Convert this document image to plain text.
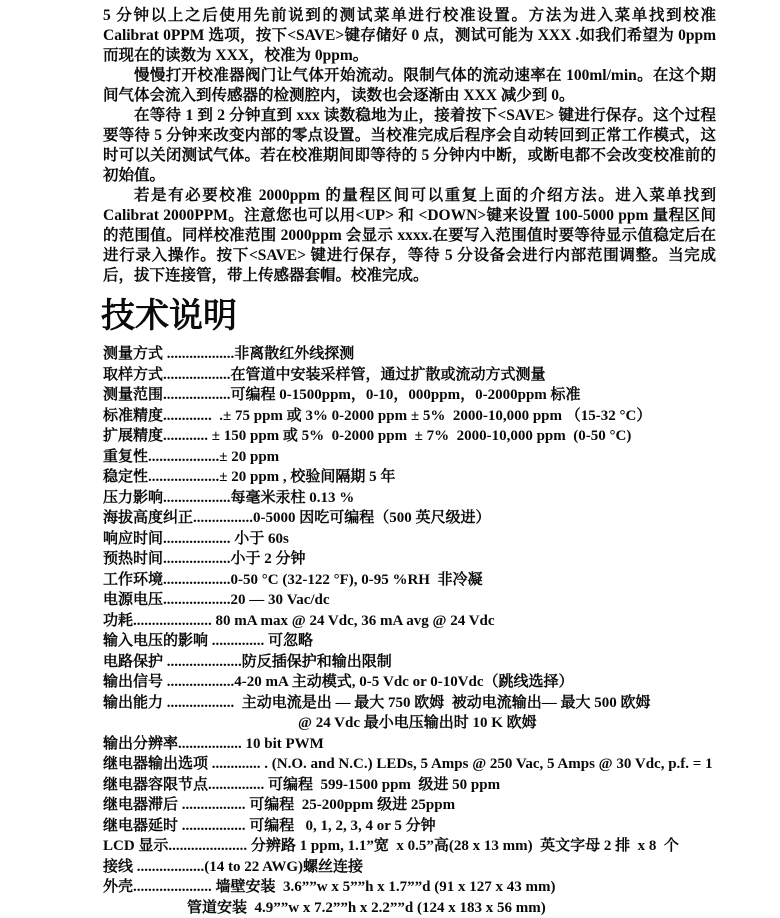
5 分钟以上之后使用先前说到的测试菜单进行校准设置。方法为进入菜单找到校准 Calibrat 0PPM 选项，按下<SAVE>键存储好 0 点，测试可能为 XXX .如我们希望为 0ppm 而现在的读数为 XXX，校准为 0ppm。

慢慢打开校准器阀门让气体开始流动。限制气体的流动速率在 100ml/min。在这个期间气体会流入到传感器的检测腔内，读数也会逐渐由 XXX 减少到 0。

在等待 1 到 2 分钟直到 xxx 读数稳地为止，接着按下<SAVE> 键进行保存。这个过程要等待 5 分钟来改变内部的零点设置。当校准完成后程序会自动转回到正常工作模式，这时可以关闭测试气体。若在校准期间即等待的 5 分钟内中断，或断电都不会改变校准前的初始值。

若是有必要校准 2000ppm 的量程区间可以重复上面的介绍方法。进入菜单找到 Calibrat 2000PPM。注意您也可以用<UP> 和 <DOWN>键来设置 100-5000 ppm 量程区间的范围值。同样校准范围 2000ppm 会显示 xxxx.在要写入范围值时要等待显示值稳定后在进行录入操作。按下<SAVE> 键进行保存，等待 5 分设备会进行内部范围调整。当完成后，拔下连接管，带上传感器套帽。校准完成。

技术说明
测量方式 ..................非离散红外线探测
取样方式..................在管道中安装采样管，通过扩散或流动方式测量
测量范围..................可编程 0-1500ppm，0-10，000ppm，0-2000ppm 标准
标准精度.............  .± 75 ppm 或 3% 0-2000 ppm ± 5%  2000-10,000 ppm （15-32 °C）
扩展精度............ ± 150 ppm 或 5%  0-2000 ppm  ± 7%  2000-10,000 ppm  (0-50 °C)
重复性...................± 20 ppm
稳定性...................± 20 ppm , 校验间隔期 5 年
压力影响..................每毫米汞柱 0.13 %
海拔高度纠正................0-5000 因吃可编程（500 英尺级进）
响应时间.................. 小于 60s
预热时间..................小于 2 分钟
工作环境..................0-50 °C (32-122 °F), 0-95 %RH  非冷凝
电源电压..................20 — 30 Vac/dc
功耗..................... 80 mA max @ 24 Vdc, 36 mA avg @ 24 Vdc
输入电压的影响 .............. 可忽略
电路保护 ....................防反插保护和输出限制
输出信号 ..................4-20 mA 主动模式, 0-5 Vdc or 0-10Vdc（跳线选择）
输出能力 ..................  主动电流是出 — 最大 750 欧姆  被动电流输出— 最大 500 欧姆
@ 24 Vdc 最小电压输出时 10 K 欧姆
输出分辨率................. 10 bit PWM
继电器输出选项 ............. . (N.O. and N.C.) LEDs, 5 Amps @ 250 Vac, 5 Amps @ 30 Vdc, p.f. = 1
继电器容限节点............... 可编程  599-1500 ppm  级进 50 ppm
继电器滞后 ................. 可编程  25-200ppm 级进 25ppm
继电器延时 ................. 可编程   0, 1, 2, 3, 4 or 5 分钟
LCD 显示..................... 分辨路 1 ppm, 1.1”宽  x 0.5”高(28 x 13 mm)  英文字母 2 排  x 8  个
接线 ..................(14 to 22 AWG)螺丝连接
外壳..................... 墙壁安装  3.6””w x 5””h x 1.7””d (91 x 127 x 43 mm)
管道安装  4.9””w x 7.2””h x 2.2””d (124 x 183 x 56 mm)
